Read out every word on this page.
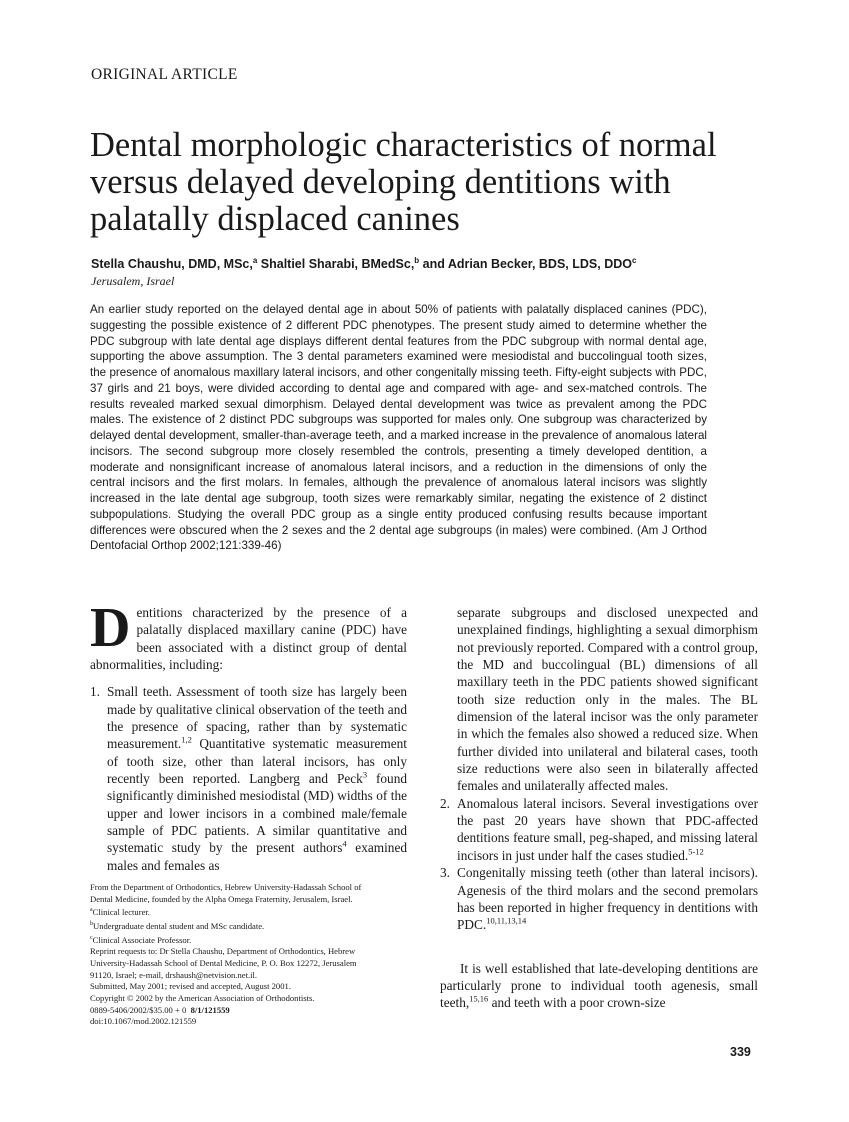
ORIGINAL ARTICLE
Dental morphologic characteristics of normal
versus delayed developing dentitions with
palatally displaced canines
Stella Chaushu, DMD, MSc,$^a$ Shaltiel Sharabi, BMedSc,$^b$ and Adrian Becker, BDS, LDS, DDO$^c$
Jerusalem, Israel

An earlier study reported on the delayed dental age in about 50% of patients with palatally displaced canines (PDC), suggesting the possible existence of 2 different PDC phenotypes. The present study aimed to determine whether the PDC subgroup with late dental age displays different dental features from the PDC subgroup with normal dental age, supporting the above assumption. The 3 dental parameters examined were mesiodistal and buccolingual tooth sizes, the presence of anomalous maxillary lateral incisors, and other congenitally missing teeth. Fifty-eight subjects with PDC, 37 girls and 21 boys, were divided according to dental age and compared with age- and sex-matched controls. The results revealed marked sexual dimorphism. Delayed dental development was twice as prevalent among the PDC males. The existence of 2 distinct PDC subgroups was supported for males only. One subgroup was characterized by delayed dental development, smaller-than-average teeth, and a marked increase in the prevalence of anomalous lateral incisors. The second subgroup more closely resembled the controls, presenting a timely developed dentition, a moderate and nonsignificant increase of anomalous lateral incisors, and a reduction in the dimensions of only the central incisors and the first molars. In females, although the prevalence of anomalous lateral incisors was slightly increased in the late dental age subgroup, tooth sizes were remarkably similar, negating the existence of 2 distinct subpopulations. Studying the overall PDC group as a single entity produced confusing results because important differences were obscured when the 2 sexes and the 2 dental age subgroups (in males) were combined. (Am J Orthod Dentofacial Orthop 2002;121:339-46)

Dentitions characterized by the presence of a palatally displaced maxillary canine (PDC) have been associated with a distinct group of dental abnormalities, including:

1. Small teeth. Assessment of tooth size has largely been made by qualitative clinical observation of the teeth and the presence of spacing, rather than by systematic measurement.$^{1,2}$ Quantitative systematic measurement of tooth size, other than lateral incisors, has only recently been reported. Langberg and Peck$^3$ found significantly diminished mesiodistal (MD) widths of the upper and lower incisors in a combined male/female sample of PDC patients. A similar quantitative and systematic study by the present authors$^4$ examined males and females as
From the Department of Orthodontics, Hebrew University-Hadassah School of
Dental Medicine, founded by the Alpha Omega Fraternity, Jerusalem, Israel.
$^a$Clinical lecturer.
$^b$Undergraduate dental student and MSc candidate.
$^c$Clinical Associate Professor.
Reprint requests to: Dr Stella Chaushu, Department of Orthodontics, Hebrew
University-Hadassah School of Dental Medicine, P. O. Box 12272, Jerusalem
91120, Israel; e-mail, drshaush@netvision.net.il.
Submitted, May 2001; revised and accepted, August 2001.
Copyright © 2002 by the American Association of Orthodontists.
0889-5406/2002/$35.00 + 0 8/1/121559
doi:10.1067/mod.2002.121559

separate subgroups and disclosed unexpected and unexplained findings, highlighting a sexual dimorphism not previously reported. Compared with a control group, the MD and buccolingual (BL) dimensions of all maxillary teeth in the PDC patients showed significant tooth size reduction only in the males. The BL dimension of the lateral incisor was the only parameter in which the females also showed a reduced size. When further divided into unilateral and bilateral cases, tooth size reductions were also seen in bilaterally affected females and unilaterally affected males.

2. Anomalous lateral incisors. Several investigations over the past 20 years have shown that PDC-affected dentitions feature small, peg-shaped, and missing lateral incisors in just under half the cases studied.$^{5-12}$
3. Congenitally missing teeth (other than lateral incisors). Agenesis of the third molars and the second premolars has been reported in higher frequency in dentitions with PDC.$^{10,11,13,14}$

It is well established that late-developing dentitions are particularly prone to individual tooth agenesis, small teeth,$^{15,16}$ and teeth with a poor crown-size

339
